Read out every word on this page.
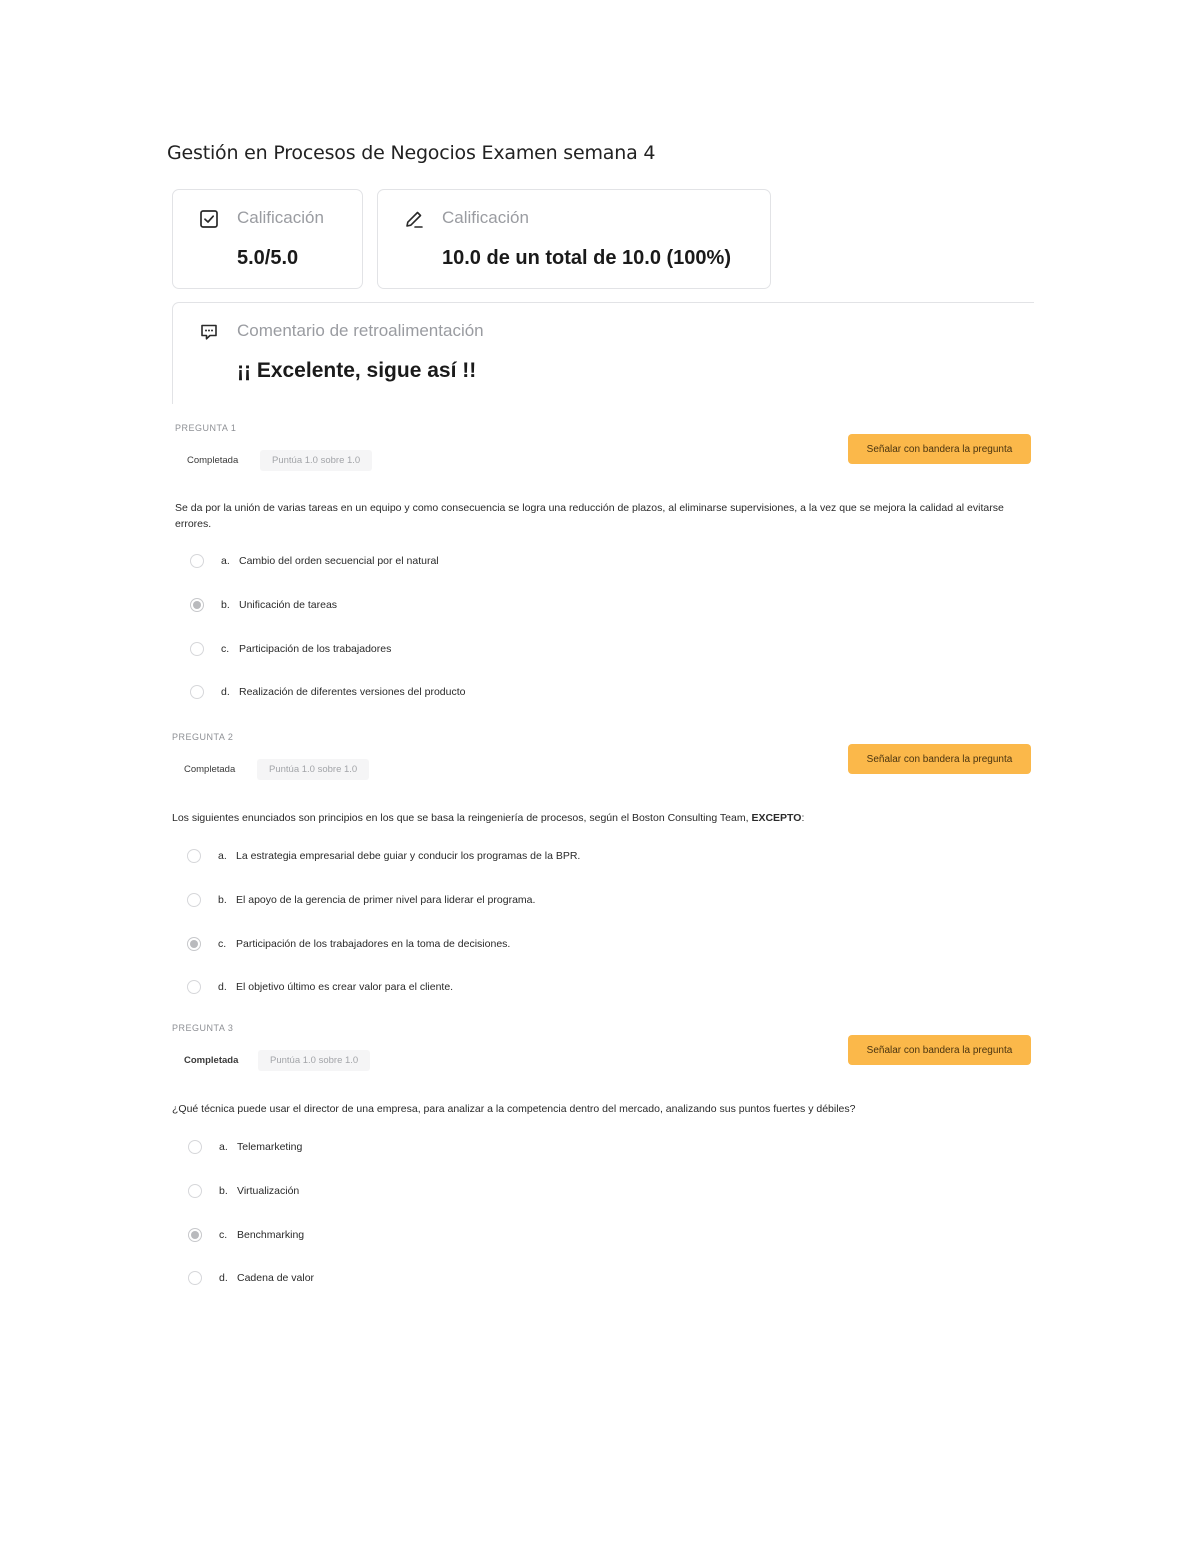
Gestión en Procesos de Negocios Examen semana 4
Calificación
5.0/5.0
Calificación
10.0 de un total de 10.0 (100%)
Comentario de retroalimentación
¡¡ Excelente, sigue así !!
PREGUNTA 1
Completada	Puntúa 1.0 sobre 1.0
Señalar con bandera la pregunta
Se da por la unión de varias tareas en un equipo y como consecuencia se logra una reducción de plazos, al eliminarse supervisiones, a la vez que se mejora la calidad al evitarse errores.
a. Cambio del orden secuencial por el natural
b. Unificación de tareas
c. Participación de los trabajadores
d. Realización de diferentes versiones del producto
PREGUNTA 2
Completada	Puntúa 1.0 sobre 1.0
Señalar con bandera la pregunta
Los siguientes enunciados son principios en los que se basa la reingeniería de procesos, según el Boston Consulting Team, EXCEPTO:
a. La estrategia empresarial debe guiar y conducir los programas de la BPR.
b. El apoyo de la gerencia de primer nivel para liderar el programa.
c. Participación de los trabajadores en la toma de decisiones.
d. El objetivo último es crear valor para el cliente.
PREGUNTA 3
Completada	Puntúa 1.0 sobre 1.0
Señalar con bandera la pregunta
¿Qué técnica puede usar el director de una empresa, para analizar a la competencia dentro del mercado, analizando sus puntos fuertes y débiles?
a. Telemarketing
b. Virtualización
c. Benchmarking
d. Cadena de valor
